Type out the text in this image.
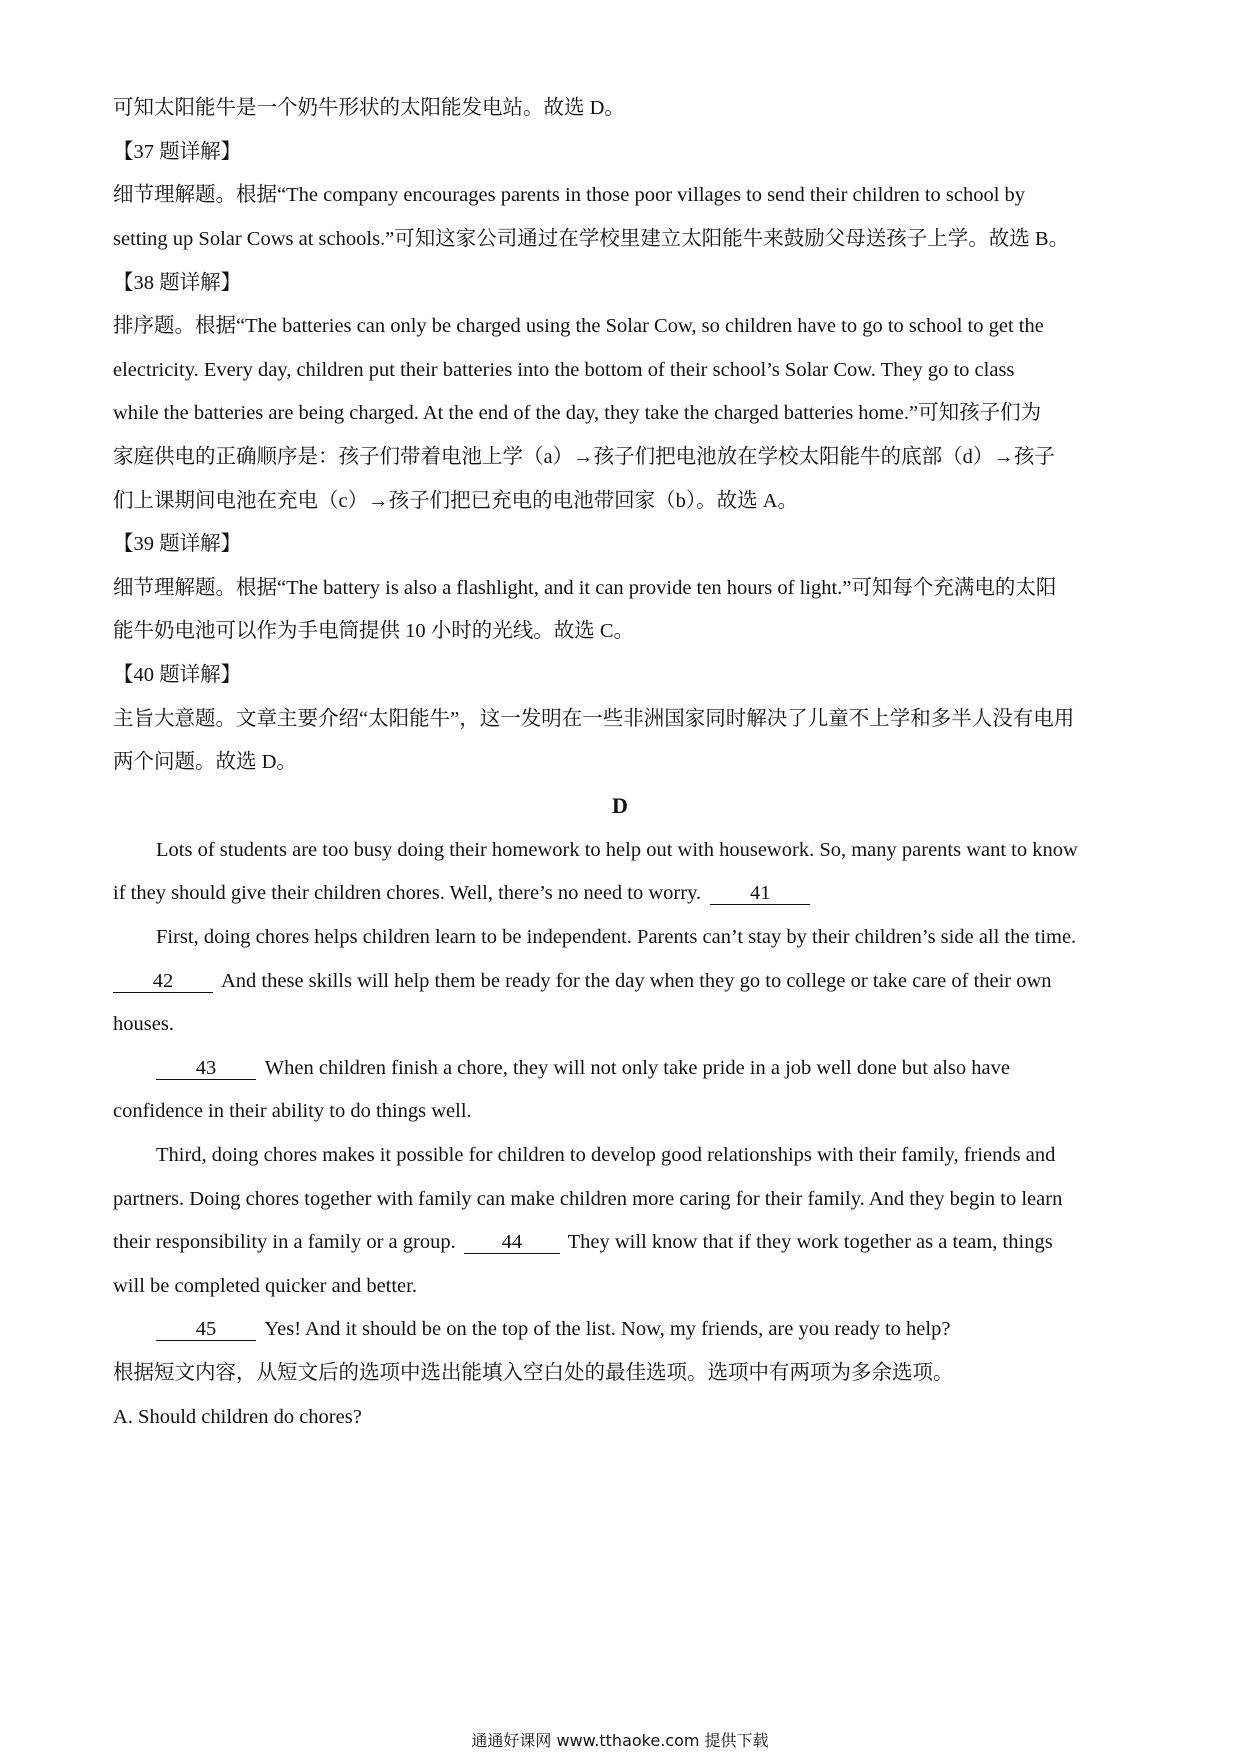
可知太阳能牛是一个奶牛形状的太阳能发电站。故选 D。
【37 题详解】
细节理解题。根据“The company encourages parents in those poor villages to send their children to school by
setting up Solar Cows at schools.”可知这家公司通过在学校里建立太阳能牛来鼓励父母送孩子上学。故选 B。
【38 题详解】
排序题。根据“The batteries can only be charged using the Solar Cow, so children have to go to school to get the
electricity. Every day, children put their batteries into the bottom of their school’s Solar Cow. They go to class
while the batteries are being charged. At the end of the day, they take the charged batteries home.”可知孩子们为
家庭供电的正确顺序是：孩子们带着电池上学（a）→孩子们把电池放在学校太阳能牛的底部（d）→孩子
们上课期间电池在充电（c）→孩子们把已充电的电池带回家（b）。故选 A。
【39 题详解】
细节理解题。根据“The battery is also a flashlight, and it can provide ten hours of light.”可知每个充满电的太阳
能牛奶电池可以作为手电筒提供 10 小时的光线。故选 C。
【40 题详解】
主旨大意题。文章主要介绍“太阳能牛”，这一发明在一些非洲国家同时解决了儿童不上学和多半人没有电用
两个问题。故选 D。
D
Lots of students are too busy doing their homework to help out with housework. So, many parents want to know
if they should give their children chores. Well, there’s no need to worry. 41
First, doing chores helps children learn to be independent. Parents can’t stay by their children’s side all the time.
42 And these skills will help them be ready for the day when they go to college or take care of their own
houses.
43 When children finish a chore, they will not only take pride in a job well done but also have
confidence in their ability to do things well.
Third, doing chores makes it possible for children to develop good relationships with their family, friends and
partners. Doing chores together with family can make children more caring for their family. And they begin to learn
their responsibility in a family or a group. 44 They will know that if they work together as a team, things
will be completed quicker and better.
45 Yes! And it should be on the top of the list. Now, my friends, are you ready to help?
根据短文内容，从短文后的选项中选出能填入空白处的最佳选项。选项中有两项为多余选项。
A. Should children do chores?
通通好课网 www.tthaoke.com 提供下载
